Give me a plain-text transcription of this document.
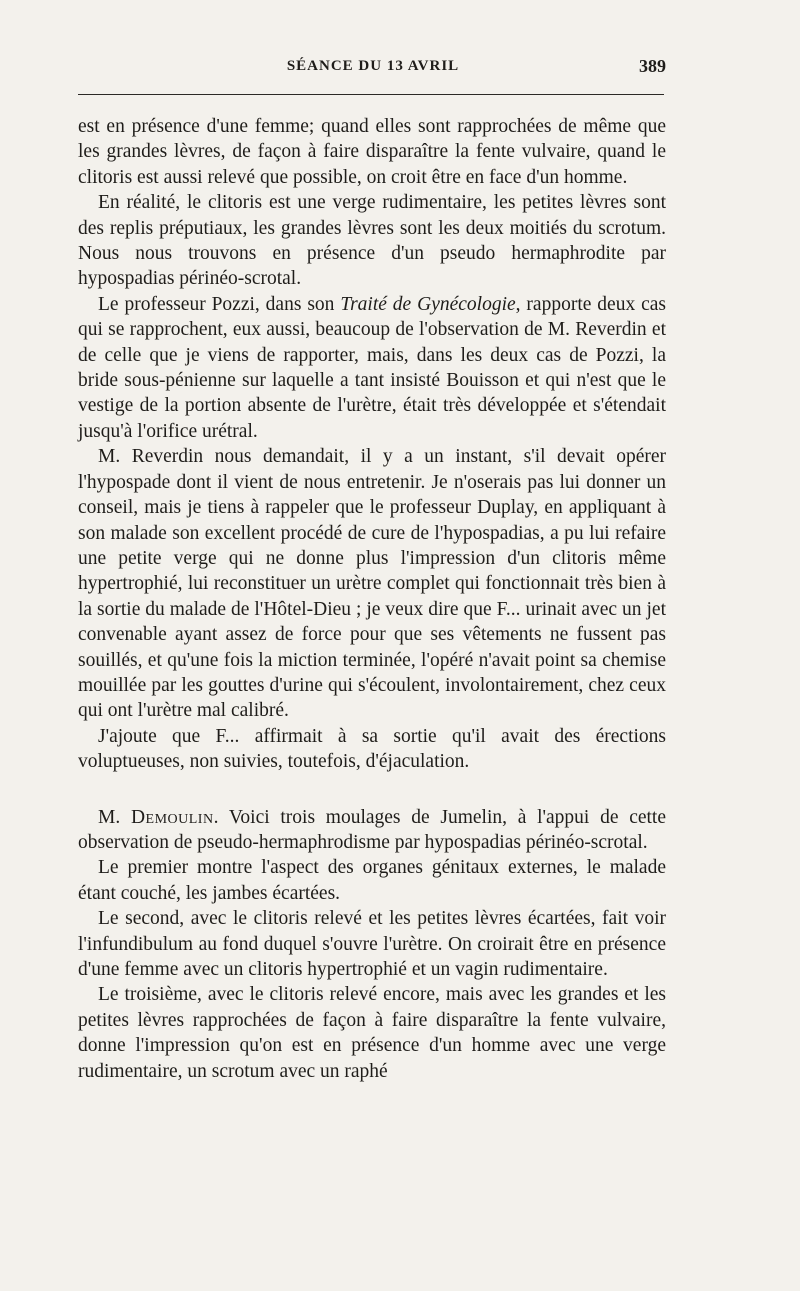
SÉANCE DU 13 AVRIL	389

est en présence d'une femme; quand elles sont rapprochées de même que les grandes lèvres, de façon à faire disparaître la fente vulvaire, quand le clitoris est aussi relevé que possible, on croit être en face d'un homme.

En réalité, le clitoris est une verge rudimentaire, les petites lèvres sont des replis préputiaux, les grandes lèvres sont les deux moitiés du scrotum. Nous nous trouvons en présence d'un pseudo hermaphrodite par hypospadias périnéo-scrotal.

Le professeur Pozzi, dans son Traité de Gynécologie, rapporte deux cas qui se rapprochent, eux aussi, beaucoup de l'observation de M. Reverdin et de celle que je viens de rapporter, mais, dans les deux cas de Pozzi, la bride sous-pénienne sur laquelle a tant insisté Bouisson et qui n'est que le vestige de la portion absente de l'urètre, était très développée et s'étendait jusqu'à l'orifice urétral.

M. Reverdin nous demandait, il y a un instant, s'il devait opérer l'hypospade dont il vient de nous entretenir. Je n'oserais pas lui donner un conseil, mais je tiens à rappeler que le professeur Duplay, en appliquant à son malade son excellent procédé de cure de l'hypospadias, a pu lui refaire une petite verge qui ne donne plus l'impression d'un clitoris même hypertrophié, lui reconstituer un urètre complet qui fonctionnait très bien à la sortie du malade de l'Hôtel-Dieu ; je veux dire que F... urinait avec un jet convenable ayant assez de force pour que ses vêtements ne fussent pas souillés, et qu'une fois la miction terminée, l'opéré n'avait point sa chemise mouillée par les gouttes d'urine qui s'écoulent, involontairement, chez ceux qui ont l'urètre mal calibré.

J'ajoute que F... affirmait à sa sortie qu'il avait des érections voluptueuses, non suivies, toutefois, d'éjaculation.

M. Demoulin. Voici trois moulages de Jumelin, à l'appui de cette observation de pseudo-hermaphrodisme par hypospadias périnéo-scrotal.

Le premier montre l'aspect des organes génitaux externes, le malade étant couché, les jambes écartées.

Le second, avec le clitoris relevé et les petites lèvres écartées, fait voir l'infundibulum au fond duquel s'ouvre l'urètre. On croirait être en présence d'une femme avec un clitoris hypertrophié et un vagin rudimentaire.

Le troisième, avec le clitoris relevé encore, mais avec les grandes et les petites lèvres rapprochées de façon à faire disparaître la fente vulvaire, donne l'impression qu'on est en présence d'un homme avec une verge rudimentaire, un scrotum avec un raphé
